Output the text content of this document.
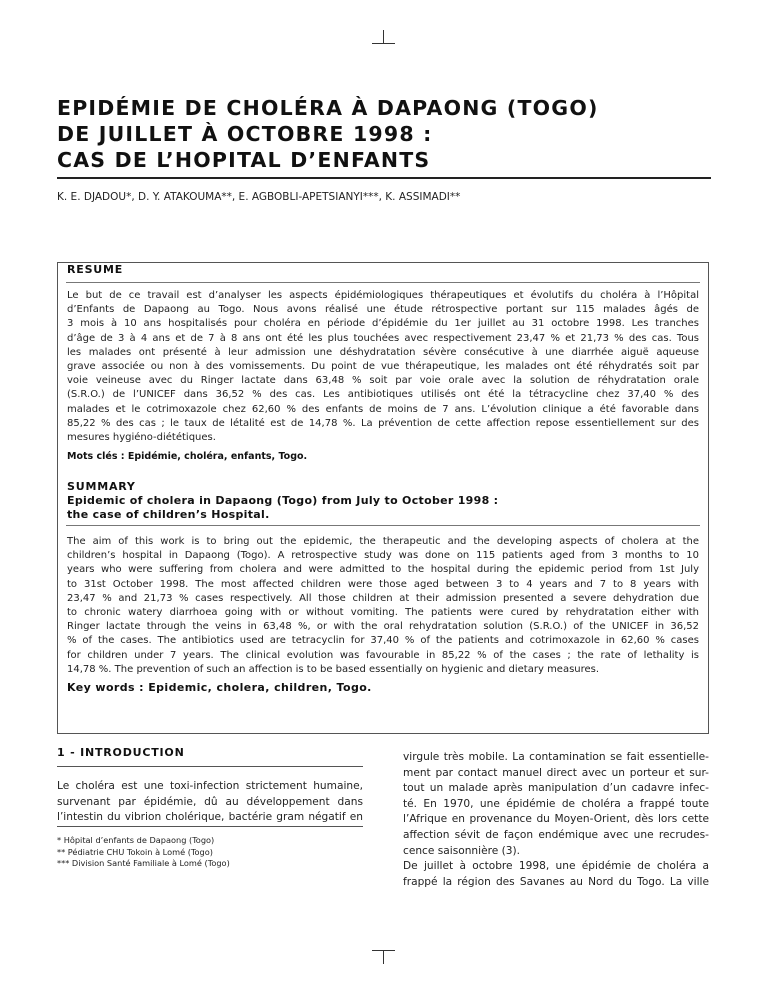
EPIDÉMIE DE CHOLÉRA À DAPAONG (TOGO)
DE JUILLET À OCTOBRE 1998 :
CAS DE L’HOPITAL D’ENFANTS
K. E. DJADOU*, D. Y. ATAKOUMA**, E. AGBOBLI-APETSIANYI***, K. ASSIMADI**
RESUME

Le but de ce travail est d’analyser les aspects épidémiologiques thérapeutiques et évolutifs du choléra à l’Hôpital
d’Enfants de Dapaong au Togo. Nous avons réalisé une étude rétrospective portant sur 115 malades âgés de
3 mois à 10 ans hospitalisés pour choléra en période d’épidémie du 1er juillet au 31 octobre 1998. Les tranches
d’âge de 3 à 4 ans et de 7 à 8 ans ont été les plus touchées avec respectivement 23,47 % et 21,73 % des cas. Tous
les malades ont présenté à leur admission une déshydratation sévère consécutive à une diarrhée aiguë aqueuse
grave associée ou non à des vomissements. Du point de vue thérapeutique, les malades ont été réhydratés soit par
voie veineuse avec du Ringer lactate dans 63,48 % soit par voie orale avec la solution de réhydratation orale
(S.R.O.) de l’UNICEF dans 36,52 % des cas. Les antibiotiques utilisés ont été la tétracycline chez 37,40 % des
malades et le cotrimoxazole chez 62,60 % des enfants de moins de 7 ans. L’évolution clinique a été favorable dans
85,22 % des cas ; le taux de létalité est de 14,78 %. La prévention de cette affection repose essentiellement sur des
mesures hygiéno-diététiques.

Mots clés : Epidémie, choléra, enfants, Togo.

SUMMARY

Epidemic of cholera in Dapaong (Togo) from July to October 1998 :
the case of children’s Hospital.

The aim of this work is to bring out the epidemic, the therapeutic and the developing aspects of cholera at the
children’s hospital in Dapaong (Togo). A retrospective study was done on 115 patients aged from 3 months to 10
years who were suffering from cholera and were admitted to the hospital during the epidemic period from 1st July
to 31st October 1998. The most affected children were those aged between 3 to 4 years and 7 to 8 years with
23,47 % and 21,73 % cases respectively. All those children at their admission presented a severe dehydration due
to chronic watery diarrhoea going with or without vomiting. The patients were cured by rehydratation either with
Ringer lactate through the veins in 63,48 %, or with the oral rehydratation solution (S.R.O.) of the UNICEF in 36,52
% of the cases. The antibiotics used are tetracyclin for 37,40 % of the patients and cotrimoxazole in 62,60 % cases
for children under 7 years. The clinical evolution was favourable in 85,22 % of the cases ; the rate of lethality is
14,78 %. The prevention of such an affection is to be based essentially on hygienic and dietary measures.

Key words : Epidemic, cholera, children, Togo.

1 - INTRODUCTION

Le choléra est une toxi-infection strictement humaine,
survenant par épidémie, dû au développement dans
l’intestin du vibrion cholérique, bactérie gram négatif en

* Hôpital d’enfants de Dapaong (Togo)

** Pédiatrie CHU Tokoin à Lomé (Togo)

*** Division Santé Familiale à Lomé (Togo)

virgule très mobile. La contamination se fait essentielle-
ment par contact manuel direct avec un porteur et sur-
tout un malade après manipulation d’un cadavre infec-
té. En 1970, une épidémie de choléra a frappé toute
l’Afrique en provenance du Moyen-Orient, dès lors cette
affection sévit de façon endémique avec une recrudes-
cence saisonnière (3).
De juillet à octobre 1998, une épidémie de choléra a
frappé la région des Savanes au Nord du Togo. La ville
